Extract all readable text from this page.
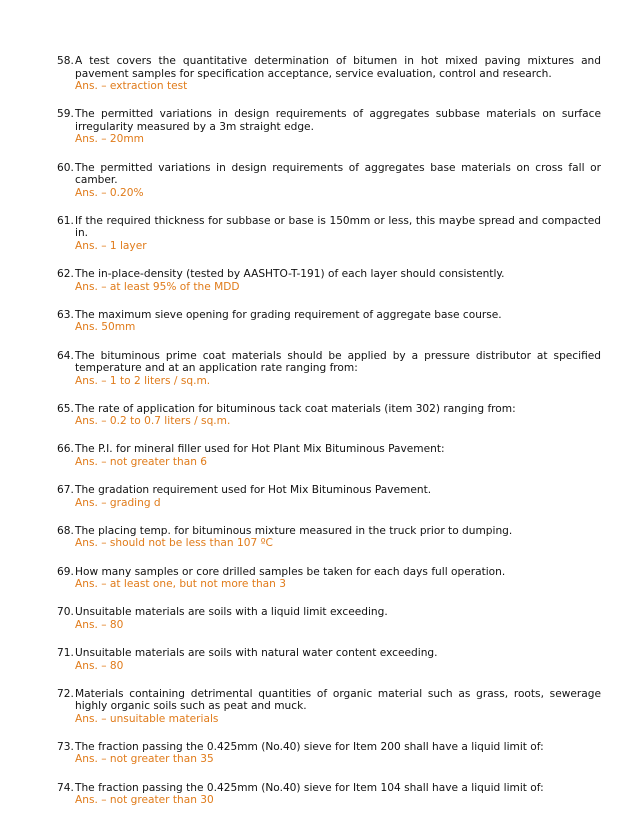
58. A test covers the quantitative determination of bitumen in hot mixed paving mixtures and pavement samples for specification acceptance, service evaluation, control and research.
Ans. – extraction test
59. The permitted variations in design requirements of aggregates subbase materials on surface irregularity measured by a 3m straight edge.
Ans. – 20mm
60. The permitted variations in design requirements of aggregates base materials on cross fall or camber.
Ans. – 0.20%
61. If the required thickness for subbase or base is 150mm or less, this maybe spread and compacted in.
Ans. – 1 layer
62. The in-place-density (tested by AASHTO-T-191) of each layer should consistently.
Ans. – at least 95% of the MDD
63. The maximum sieve opening for grading requirement of aggregate base course.
Ans. 50mm
64. The bituminous prime coat materials should be applied by a pressure distributor at specified temperature and at an application rate ranging from:
Ans. – 1 to 2 liters / sq.m.
65. The rate of application for bituminous tack coat materials (item 302) ranging from:
Ans. – 0.2 to 0.7 liters / sq.m.
66. The P.I. for mineral filler used for Hot Plant Mix Bituminous Pavement:
Ans. – not greater than 6
67. The gradation requirement used for Hot Mix Bituminous Pavement.
Ans. – grading d
68. The placing temp. for bituminous mixture measured in the truck prior to dumping.
Ans. – should not be less than 107 ºC
69. How many samples or core drilled samples be taken for each days full operation.
Ans. – at least one, but not more than 3
70. Unsuitable materials are soils with a liquid limit exceeding.
Ans. – 80
71. Unsuitable materials are soils with natural water content exceeding.
Ans. – 80
72. Materials containing detrimental quantities of organic material such as grass, roots, sewerage highly organic soils such as peat and muck.
Ans. – unsuitable materials
73. The fraction passing the 0.425mm (No.40) sieve for Item 200 shall have a liquid limit of:
Ans. – not greater than 35
74. The fraction passing the 0.425mm (No.40) sieve for Item 104 shall have a liquid limit of:
Ans. – not greater than 30
